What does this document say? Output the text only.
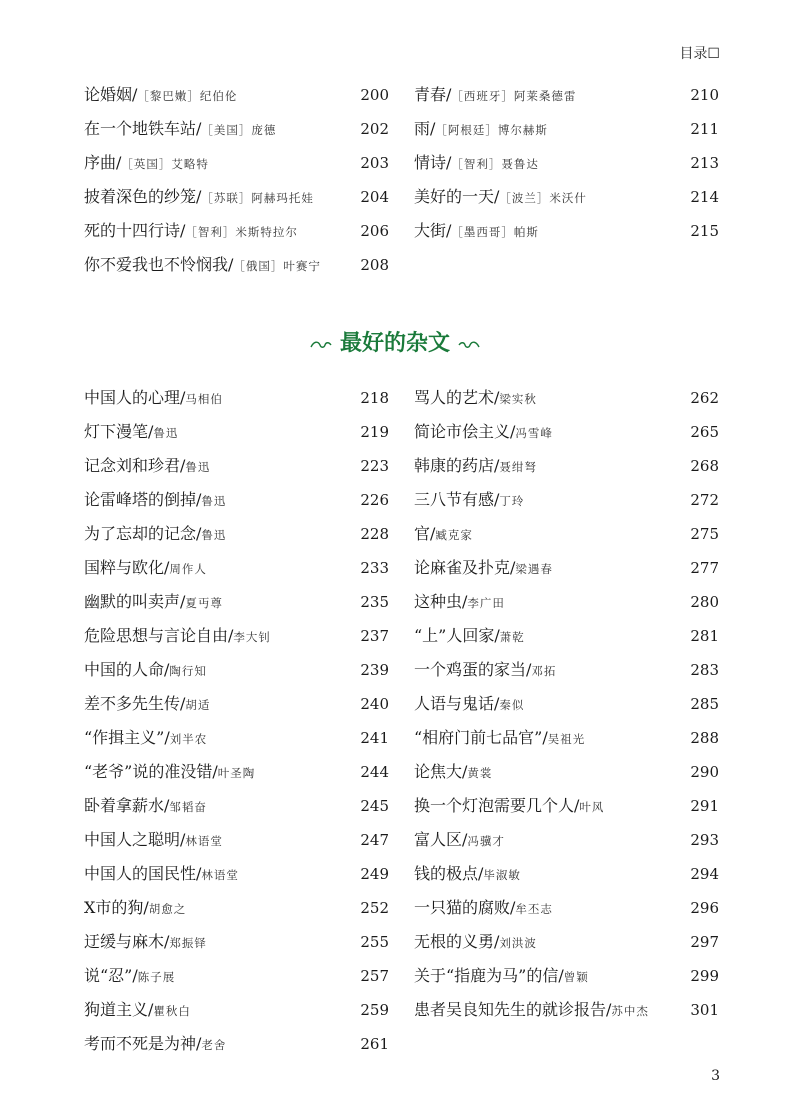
目录☐
论婚姻/［黎巴嫩］纪伯伦	200
在一个地铁车站/［美国］庞德	202
序曲/［英国］艾略特	203
披着深色的纱笼/［苏联］阿赫玛托娃	204
死的十四行诗/［智利］米斯特拉尔	206
你不爱我也不怜悯我/［俄国］叶赛宁	208
青春/［西班牙］阿莱桑德雷	210
雨/［阿根廷］博尔赫斯	211
情诗/［智利］聂鲁达	213
美好的一天/［波兰］米沃什	214
大街/［墨西哥］帕斯	215
最好的杂文
中国人的心理/马相伯	218
灯下漫笔/鲁迅	219
记念刘和珍君/鲁迅	223
论雷峰塔的倒掉/鲁迅	226
为了忘却的记念/鲁迅	228
国粹与欧化/周作人	233
幽默的叫卖声/夏丏尊	235
危险思想与言论自由/李大钊	237
中国的人命/陶行知	239
差不多先生传/胡适	240
“作揖主义”/刘半农	241
“老爷”说的准没错/叶圣陶	244
卧着拿薪水/邹韬奋	245
中国人之聪明/林语堂	247
中国人的国民性/林语堂	249
X市的狗/胡愈之	252
迂缓与麻木/郑振铎	255
说“忍”/陈子展	257
狗道主义/瞿秋白	259
考而不死是为神/老舍	261
骂人的艺术/梁实秋	262
简论市侩主义/冯雪峰	265
韩康的药店/聂绀弩	268
三八节有感/丁玲	272
官/臧克家	275
论麻雀及扑克/梁遇春	277
这种虫/李广田	280
“上”人回家/萧乾	281
一个鸡蛋的家当/邓拓	283
人语与鬼话/秦似	285
“相府门前七品官”/吴祖光	288
论焦大/黄裳	290
换一个灯泡需要几个人/叶风	291
富人区/冯骥才	293
钱的极点/毕淑敏	294
一只猫的腐败/牟丕志	296
无根的义勇/刘洪波	297
关于“指鹿为马”的信/曾颖	299
患者吴良知先生的就诊报告/苏中杰	301
3
